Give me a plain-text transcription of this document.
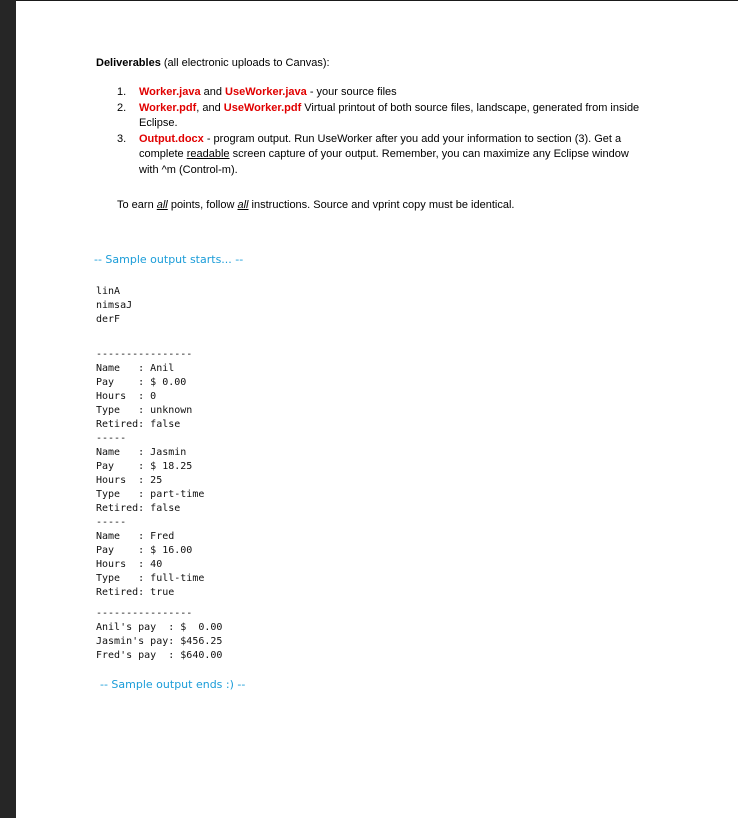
Deliverables (all electronic uploads to Canvas):
1. Worker.java and UseWorker.java - your source files
2. Worker.pdf, and UseWorker.pdf Virtual printout of both source files, landscape, generated from inside Eclipse.
3. Output.docx - program output. Run UseWorker after you add your information to section (3). Get a complete readable screen capture of your output. Remember, you can maximize any Eclipse window with ^m (Control-m).
To earn all points, follow all instructions. Source and vprint copy must be identical.
-- Sample output starts... --
linA
nimsaJ
derF
----------------
Name   : Anil
Pay    : $ 0.00
Hours  : 0
Type   : unknown
Retired: false
-----
Name   : Jasmin
Pay    : $ 18.25
Hours  : 25
Type   : part-time
Retired: false
-----
Name   : Fred
Pay    : $ 16.00
Hours  : 40
Type   : full-time
Retired: true
----------------
Anil's pay  : $  0.00
Jasmin's pay: $456.25
Fred's pay  : $640.00
-- Sample output ends :) --
